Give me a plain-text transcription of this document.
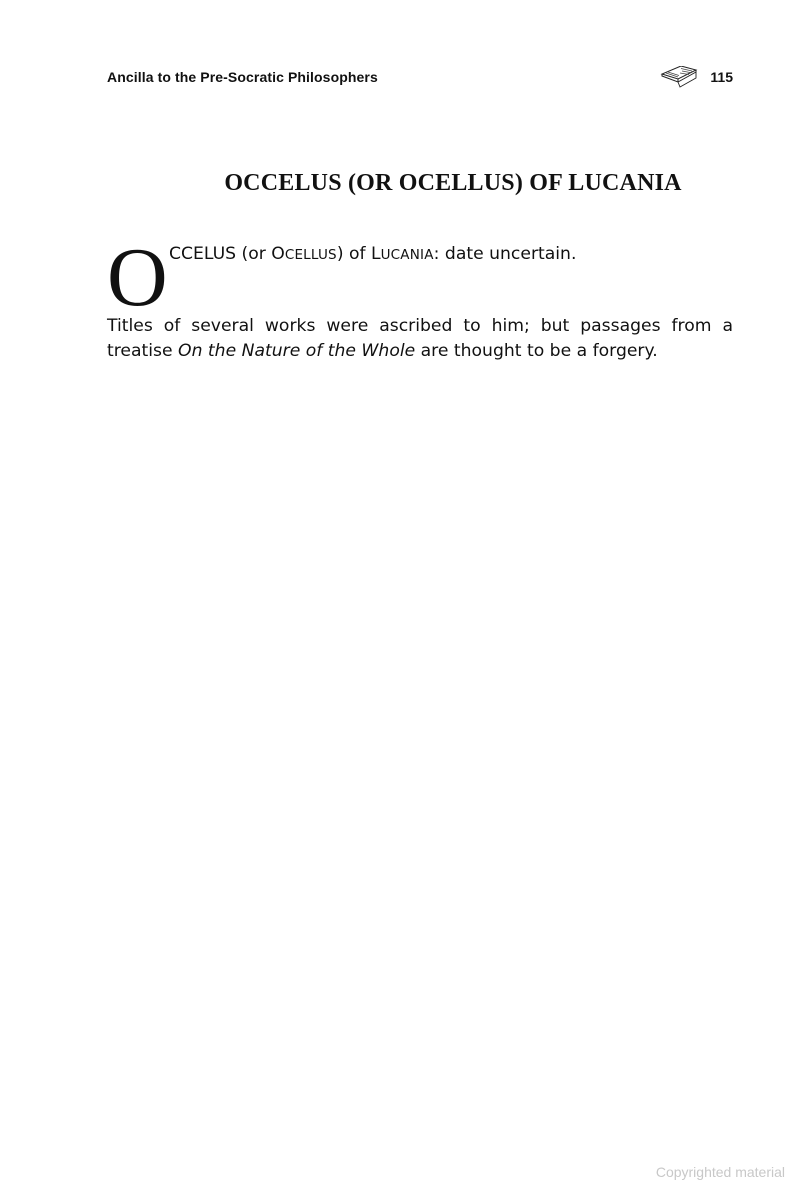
Ancilla to the Pre-Socratic Philosophers	115
OCCELUS (OR OCELLUS) OF LUCANIA
O CCELUS (or OCELLUS) of LUCANIA: date uncertain.

Titles of several works were ascribed to him; but passages from a treatise On the Nature of the Whole are thought to be a forgery.

Copyrighted material
